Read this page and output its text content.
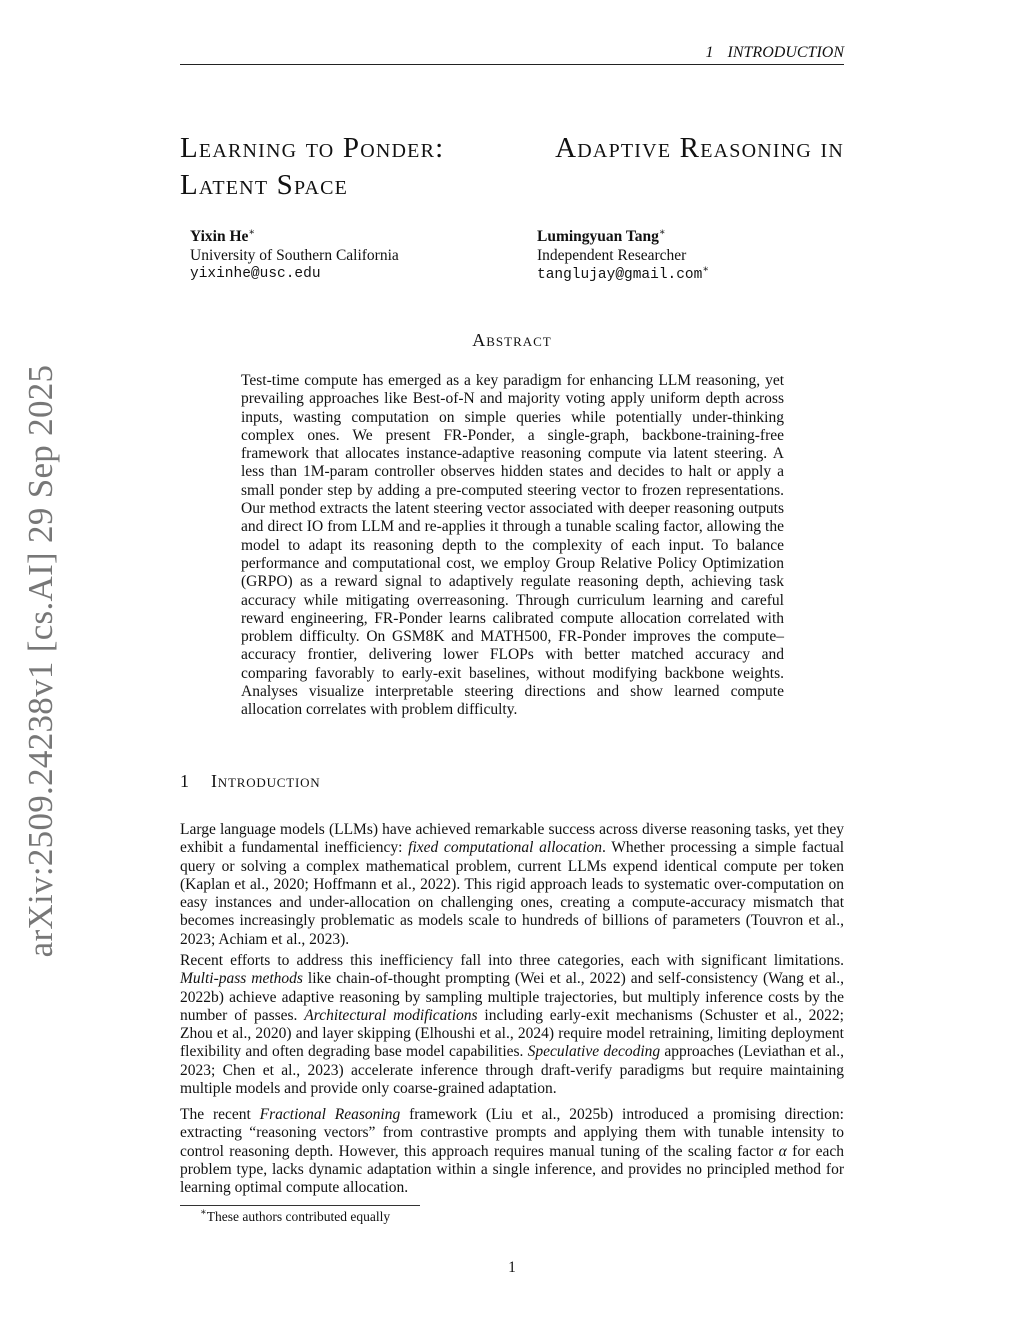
1 INTRODUCTION
arXiv:2509.24238v1 [cs.AI] 29 Sep 2025
Learning to Ponder:	Adaptive Reasoning in
Latent Space
Yixin He∗
University of Southern California
yixinhe@usc.edu
Lumingyuan Tang∗
Independent Researcher
tanglujay@gmail.com∗
Abstract
Test-time compute has emerged as a key paradigm for enhancing LLM reasoning, yet prevailing approaches like Best-of-N and majority voting apply uniform depth across inputs, wasting computation on simple queries while potentially under-thinking complex ones. We present FR-Ponder, a single-graph, backbone-training-free framework that allocates instance-adaptive reasoning compute via latent steering. A less than 1M-param controller observes hidden states and decides to halt or apply a small ponder step by adding a pre-computed steering vector to frozen representations. Our method extracts the latent steering vector associated with deeper reasoning outputs and direct IO from LLM and re-applies it through a tunable scaling factor, allowing the model to adapt its reasoning depth to the complexity of each input. To balance performance and computational cost, we employ Group Relative Policy Optimization (GRPO) as a reward signal to adaptively regulate reasoning depth, achieving task accuracy while mitigating overreasoning. Through curriculum learning and careful reward engineering, FR-Ponder learns calibrated compute allocation correlated with problem difficulty. On GSM8K and MATH500, FR-Ponder improves the compute–accuracy frontier, delivering lower FLOPs with better matched accuracy and comparing favorably to early-exit baselines, without modifying backbone weights. Analyses visualize interpretable steering directions and show learned compute allocation correlates with problem difficulty.
1 Introduction

Large language models (LLMs) have achieved remarkable success across diverse reasoning tasks, yet they exhibit a fundamental inefficiency: fixed computational allocation. Whether processing a simple factual query or solving a complex mathematical problem, current LLMs expend identical compute per token (Kaplan et al., 2020; Hoffmann et al., 2022). This rigid approach leads to systematic over-computation on easy instances and under-allocation on challenging ones, creating a compute-accuracy mismatch that becomes increasingly problematic as models scale to hundreds of billions of parameters (Touvron et al., 2023; Achiam et al., 2023).

Recent efforts to address this inefficiency fall into three categories, each with significant limitations. Multi-pass methods like chain-of-thought prompting (Wei et al., 2022) and self-consistency (Wang et al., 2022b) achieve adaptive reasoning by sampling multiple trajectories, but multiply inference costs by the number of passes. Architectural modifications including early-exit mechanisms (Schuster et al., 2022; Zhou et al., 2020) and layer skipping (Elhoushi et al., 2024) require model retraining, limiting deployment flexibility and often degrading base model capabilities. Speculative decoding approaches (Leviathan et al., 2023; Chen et al., 2023) accelerate inference through draft-verify paradigms but require maintaining multiple models and provide only coarse-grained adaptation.

The recent Fractional Reasoning framework (Liu et al., 2025b) introduced a promising direction: extracting “reasoning vectors” from contrastive prompts and applying them with tunable intensity to control reasoning depth. However, this approach requires manual tuning of the scaling factor α for each problem type, lacks dynamic adaptation within a single inference, and provides no principled method for learning optimal compute allocation.

∗These authors contributed equally
1
